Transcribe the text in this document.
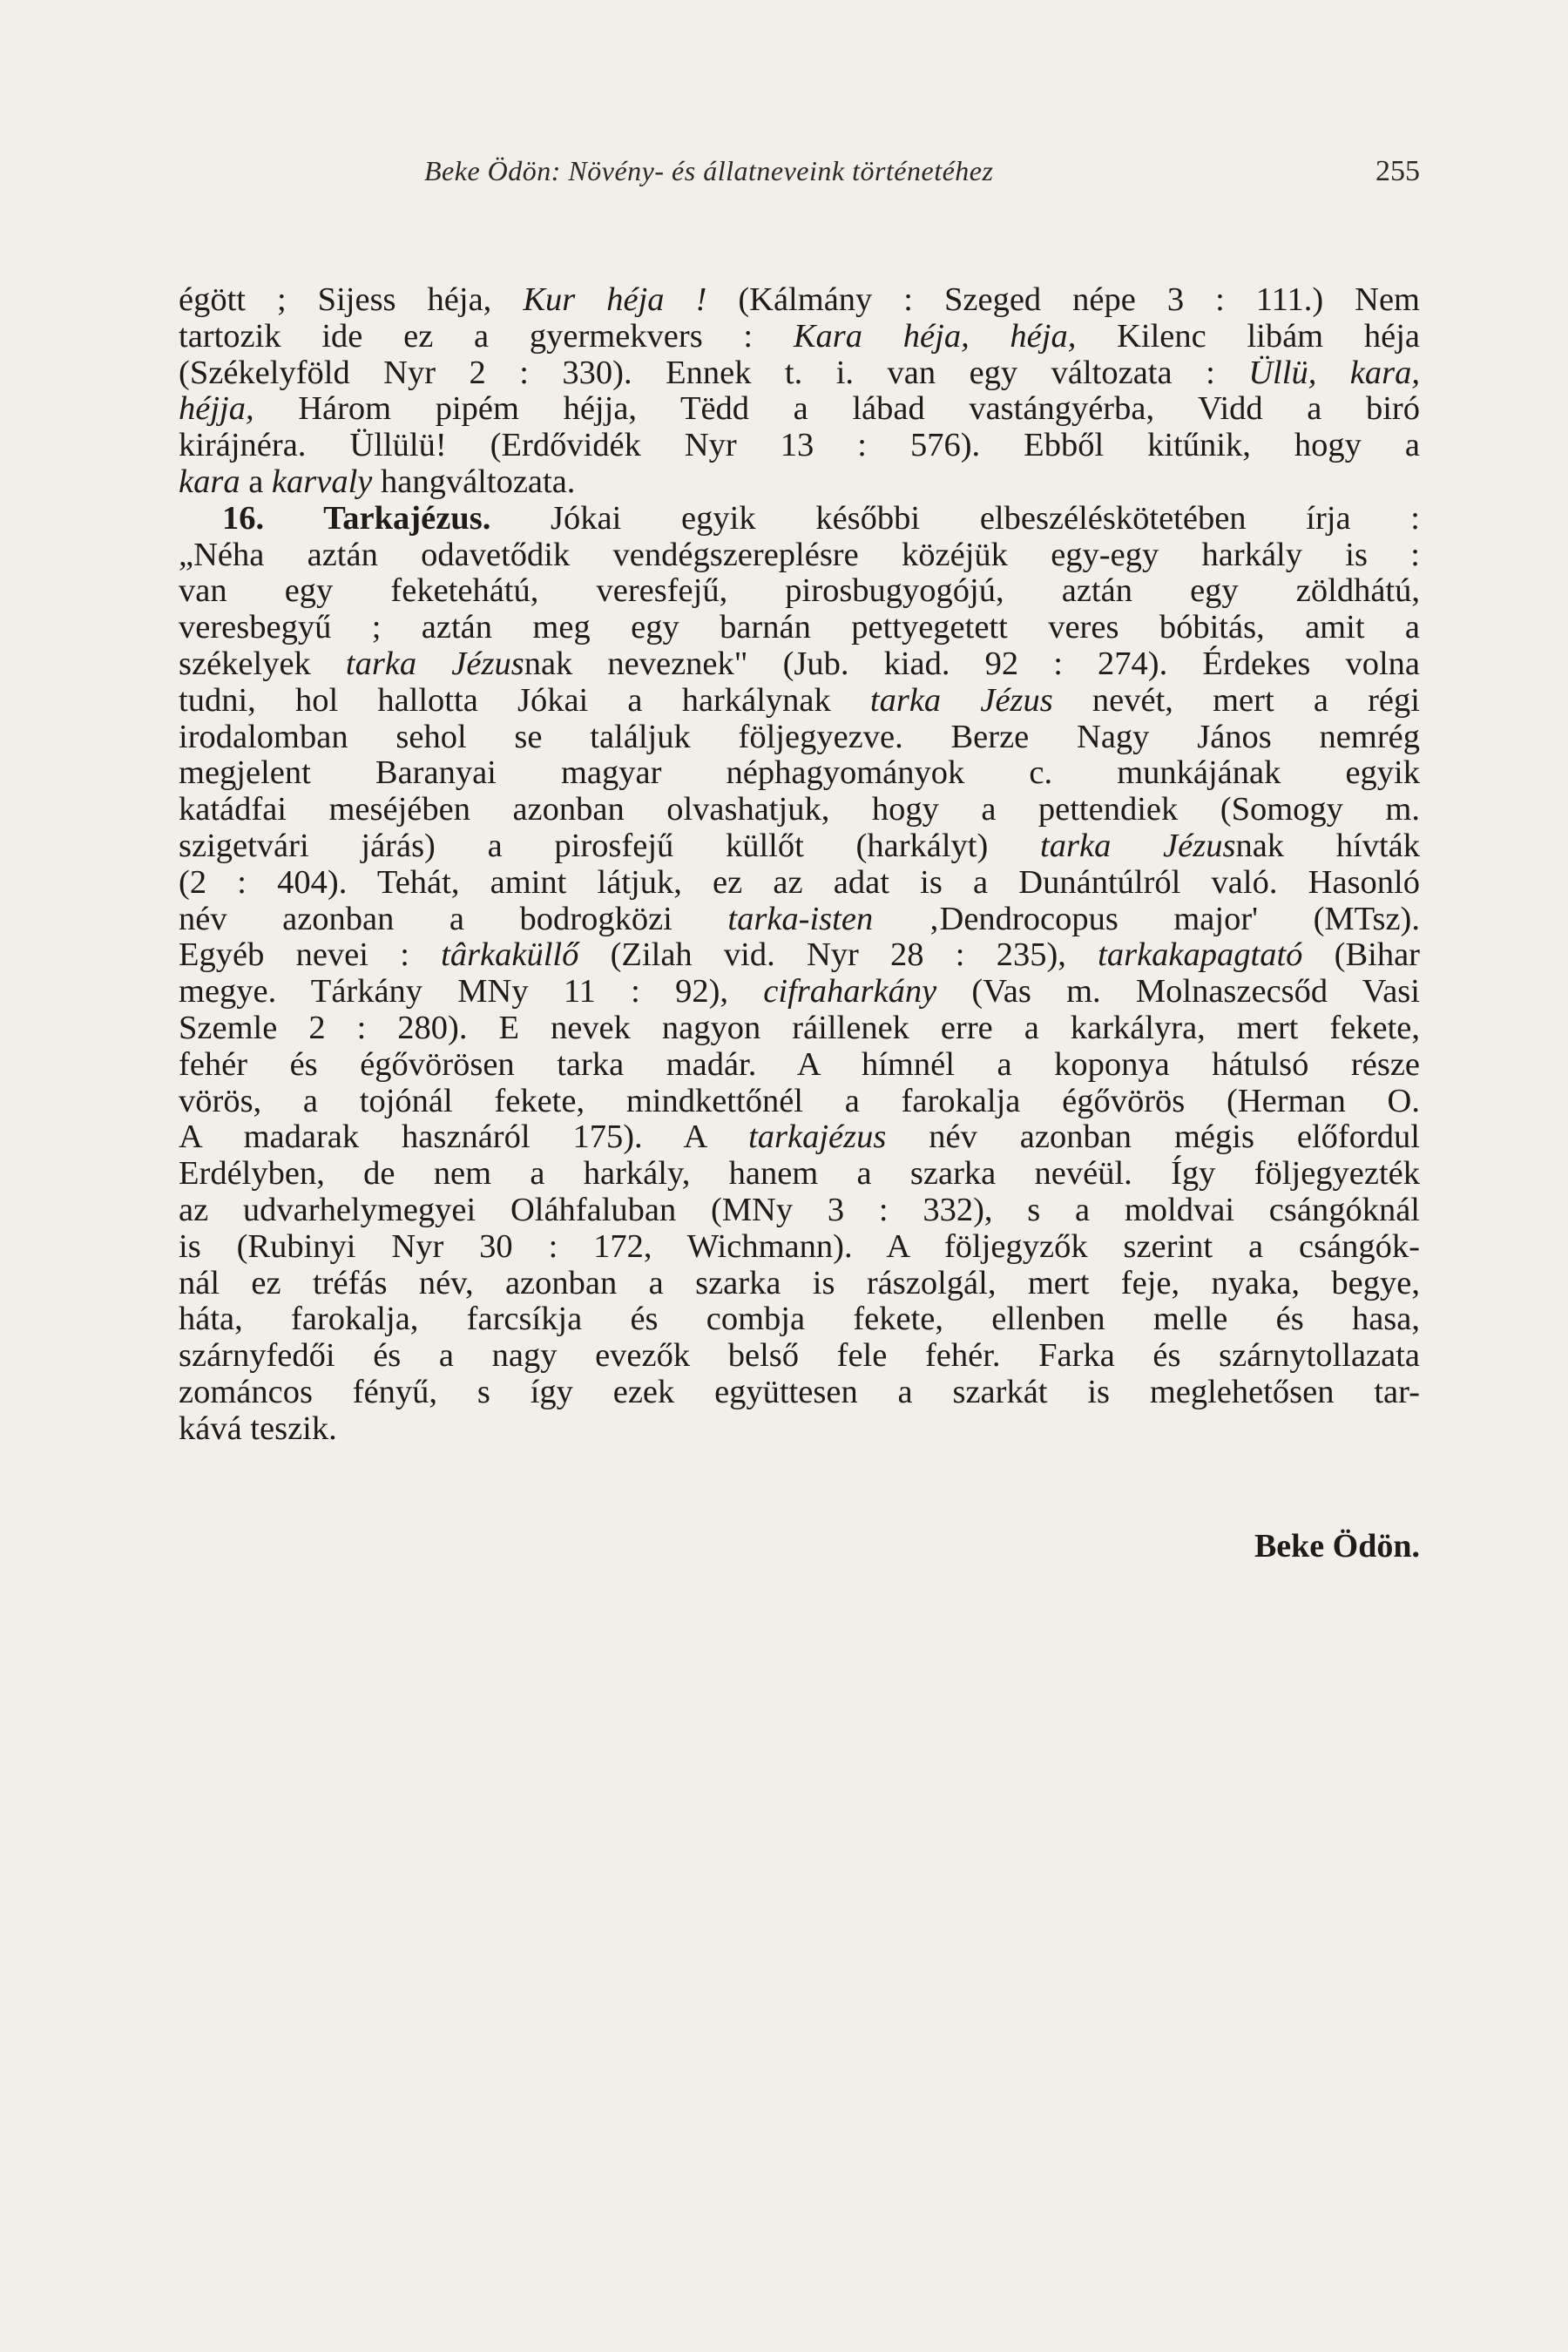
Beke Ödön: Növény- és állatneveink történetéhez	255
égött ; Sijess héja, Kur héja ! (Kálmány : Szeged népe 3 : 111.) Nem
tartozik ide ez a gyermekvers : Kara héja, héja, Kilenc libám héja
(Székelyföld Nyr 2 : 330). Ennek t. i. van egy változata : Üllü, kara,
héjja, Három pipém héjja, Tëdd a lábad vastángyérba, Vidd a biró
kirájnéra. Üllülü! (Erdővidék Nyr 13 : 576). Ebből kitűnik, hogy a
kara a karvaly hangváltozata.
16. Tarkajézus. Jókai egyik későbbi elbeszéléskötetében írja :
„Néha aztán odavetődik vendégszereplésre közéjük egy-egy harkály is :
van egy feketehátú, veresfejű, pirosbugyogójú, aztán egy zöldhátú,
veresbegyű ; aztán meg egy barnán pettyegetett veres bóbitás, amit a
székelyek tarka Jézusnak neveznek" (Jub. kiad. 92 : 274). Érdekes volna
tudni, hol hallotta Jókai a harkálynak tarka Jézus nevét, mert a régi
irodalomban sehol se találjuk följegyezve. Berze Nagy János nemrég
megjelent Baranyai magyar néphagyományok c. munkájának egyik
katádfai meséjében azonban olvashatjuk, hogy a pettendiek (Somogy m.
szigetvári járás) a pirosfejű küllőt (harkályt) tarka Jézusnak hívták
(2 : 404). Tehát, amint látjuk, ez az adat is a Dunántúlról való. Hasonló
név azonban a bodrogközi tarka-isten ‚Dendrocopus major' (MTsz).
Egyéb nevei : târkaküllő (Zilah vid. Nyr 28 : 235), tarkakapagtató (Bihar
megye. Tárkány MNy 11 : 92), cifraharkány (Vas m. Molnaszecsőd Vasi
Szemle 2 : 280). E nevek nagyon ráillenek erre a karkályra, mert fekete,
fehér és égővörösen tarka madár. A hímnél a koponya hátulsó része
vörös, a tojónál fekete, mindkettőnél a farokalja égővörös (Herman O.
A madarak hasznáról 175). A tarkajézus név azonban mégis előfordul
Erdélyben, de nem a harkály, hanem a szarka nevéül. Így följegyezték
az udvarhelymegyei Oláhfaluban (MNy 3 : 332), s a moldvai csángóknál
is (Rubinyi Nyr 30 : 172, Wichmann). A följegyzők szerint a csángók-
nál ez tréfás név, azonban a szarka is rászolgál, mert feje, nyaka, begye,
háta, farokalja, farcsíkja és combja fekete, ellenben melle és hasa,
szárnyfedői és a nagy evezők belső fele fehér. Farka és szárnytollazata
zománcos fényű, s így ezek együttesen a szarkát is meglehetősen tar-
kává teszik.
Beke Ödön.
